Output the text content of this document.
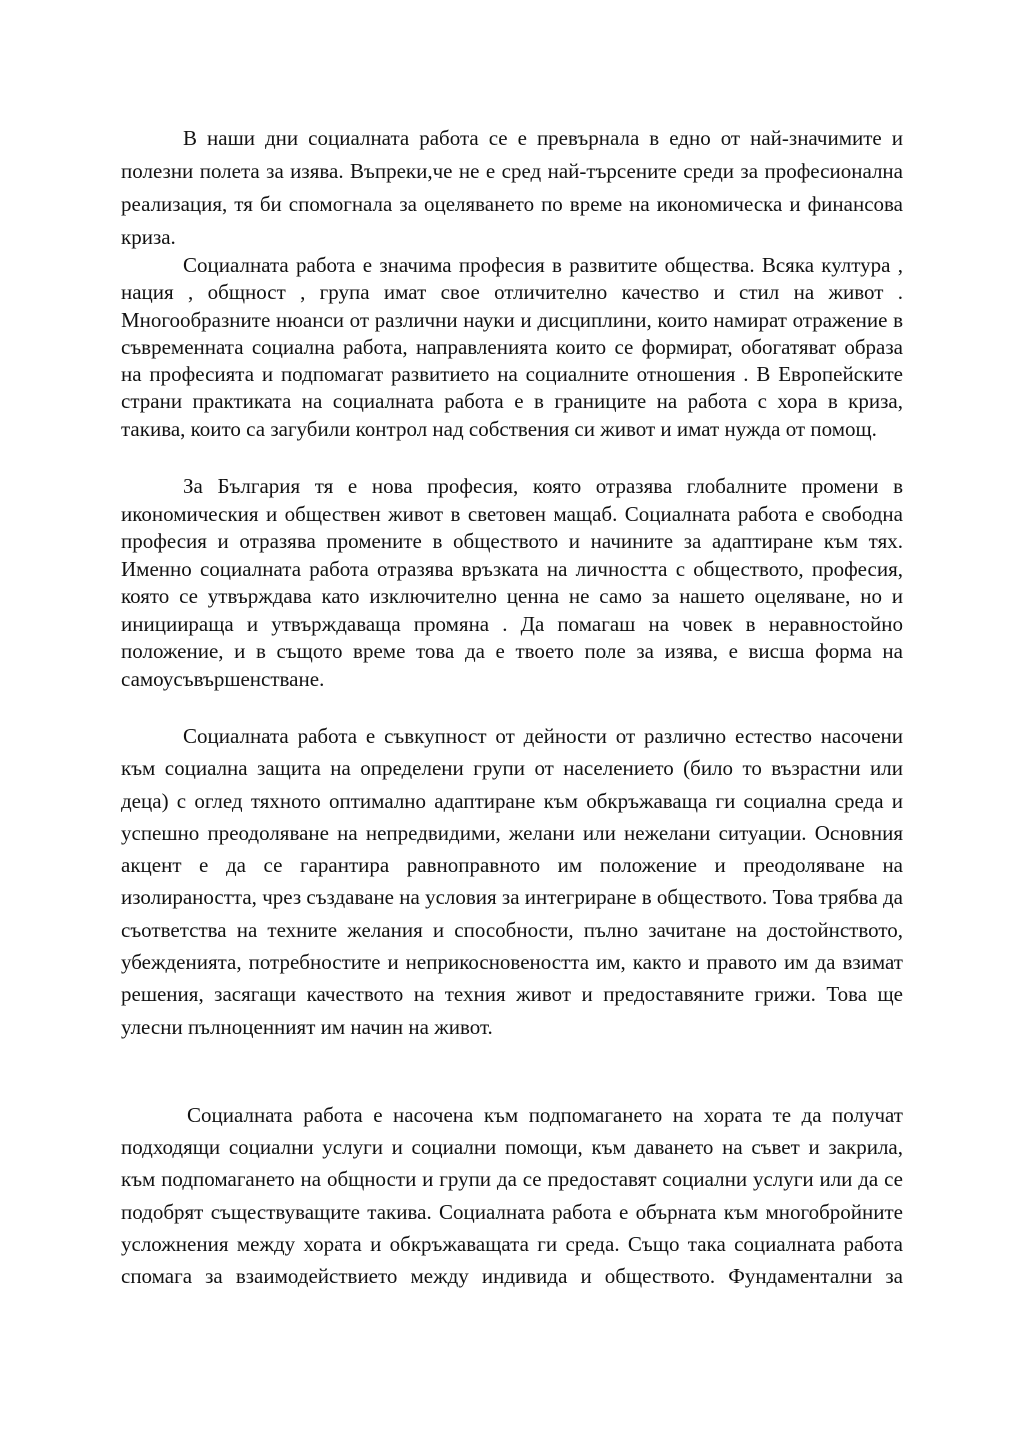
В наши дни социалната работа се е превърнала в едно от най-значимите и полезни полета за изява. Въпреки,че не е сред най-търсените среди за професионална реализация, тя би спомогнала за оцеляването по време на икономическа и финансова криза.

Социалната работа е значима професия в развитите общества. Всяка култура , нация , общност , група имат свое отличително качество и стил на живот . Многообразните нюанси от различни науки и дисциплини, които намират отражение в съвременната социална работа, направленията които се формират, обогатяват образа на професията и подпомагат развитието на социалните отношения . В Европейските страни практиката на социалната работа е в границите на работа с хора в криза, такива, които са загубили контрол над собствения си живот и имат нужда от помощ.

За България тя е нова професия, която отразява глобалните промени в икономическия и обществен живот в световен мащаб. Социалната работа е свободна професия и отразява промените в обществото и начините за адаптиране към тях. Именно социалната работа отразява връзката на личността с обществото, професия, която се утвърждава като изключително ценна не само за нашето оцеляване, но и иницииращa и утвърждаваща промяна . Да помагаш на човек в неравностойно положение, и в същото време това да е твоето поле за изява, е висша форма на самоусъвършенстване.

Социалната работа е съвкупност от дейности от различно естество насочени към социална защита на определени групи от населението (било то възрастни или деца) с оглед тяхното оптимално адаптиране към обкръжаваща ги социална среда и успешно преодоляване на непредвидими, желани или нежелани ситуации. Основния акцент е да се гарантира равноправното им положение и преодоляване на изолираността, чрез създаване на условия за интегриране в обществото. Това трябва да съответства на техните желания и способности, пълно зачитане на достойнството, убежденията, потребностите и неприкосновеността им, както и правото им да взимат решения, засягащи качеството на техния живот и предоставяните грижи. Това ще улесни пълноценният им начин на живот.

Социалната работа е насочена към подпомагането на хората те да получат подходящи социални услуги и социални помощи, към даването на съвет и закрила, към подпомагането на общности и групи да се предоставят социални услуги или да се подобрят съществуващите такива. Социалната работа е обърната към многобройните усложнения между хората и обкръжаващата ги среда. Също така социалната работа спомага за взаимодействието между индивида и обществото. Фундаментални за
